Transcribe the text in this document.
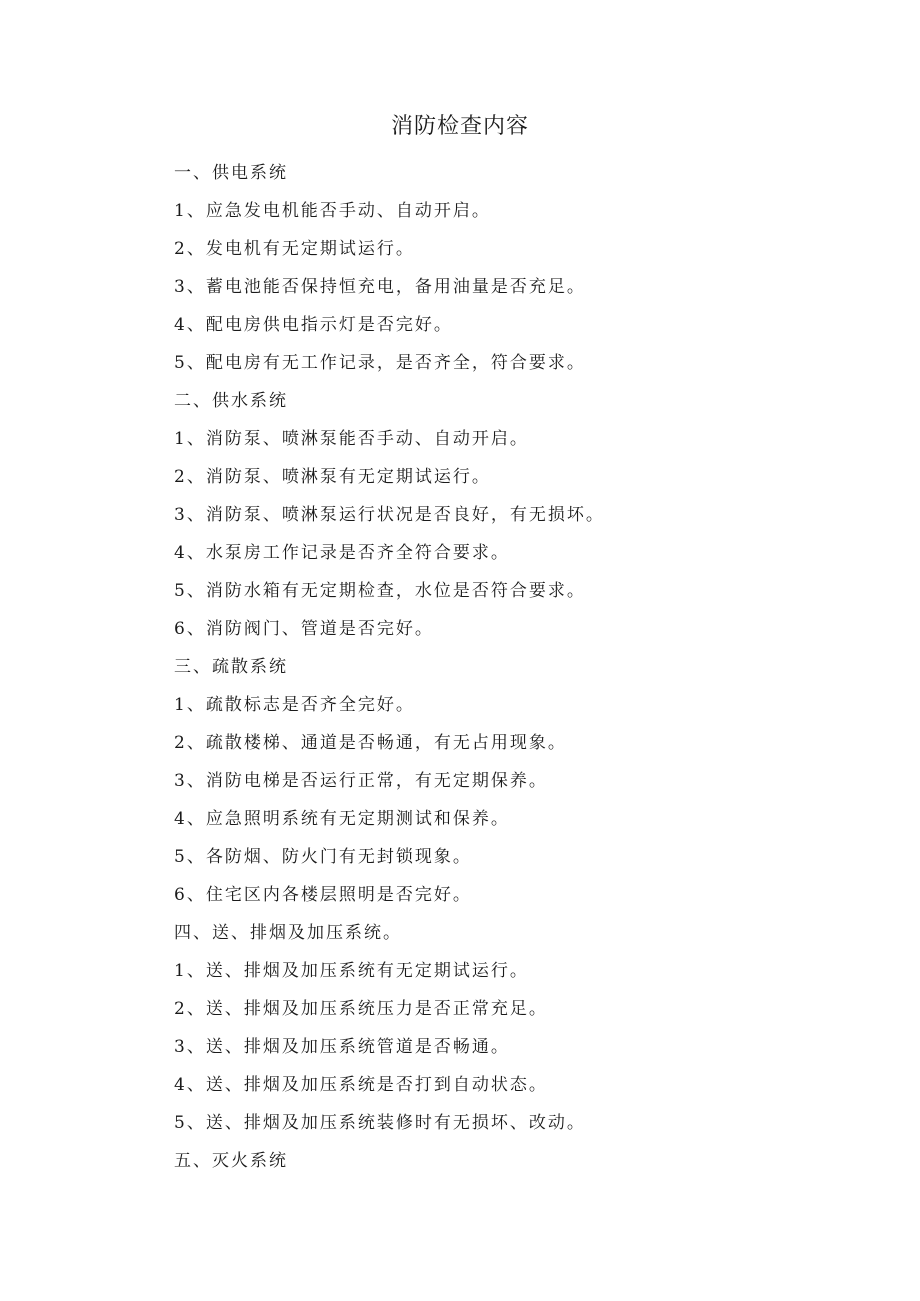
消防检查内容
一、供电系统
1、应急发电机能否手动、自动开启。
2、发电机有无定期试运行。
3、蓄电池能否保持恒充电，备用油量是否充足。
4、配电房供电指示灯是否完好。
5、配电房有无工作记录，是否齐全，符合要求。
二、供水系统
1、消防泵、喷淋泵能否手动、自动开启。
2、消防泵、喷淋泵有无定期试运行。
3、消防泵、喷淋泵运行状况是否良好，有无损坏。
4、水泵房工作记录是否齐全符合要求。
5、消防水箱有无定期检查，水位是否符合要求。
6、消防阀门、管道是否完好。
三、疏散系统
1、疏散标志是否齐全完好。
2、疏散楼梯、通道是否畅通，有无占用现象。
3、消防电梯是否运行正常，有无定期保养。
4、应急照明系统有无定期测试和保养。
5、各防烟、防火门有无封锁现象。
6、住宅区内各楼层照明是否完好。
四、送、排烟及加压系统。
1、送、排烟及加压系统有无定期试运行。
2、送、排烟及加压系统压力是否正常充足。
3、送、排烟及加压系统管道是否畅通。
4、送、排烟及加压系统是否打到自动状态。
5、送、排烟及加压系统装修时有无损坏、改动。
五、灭火系统
